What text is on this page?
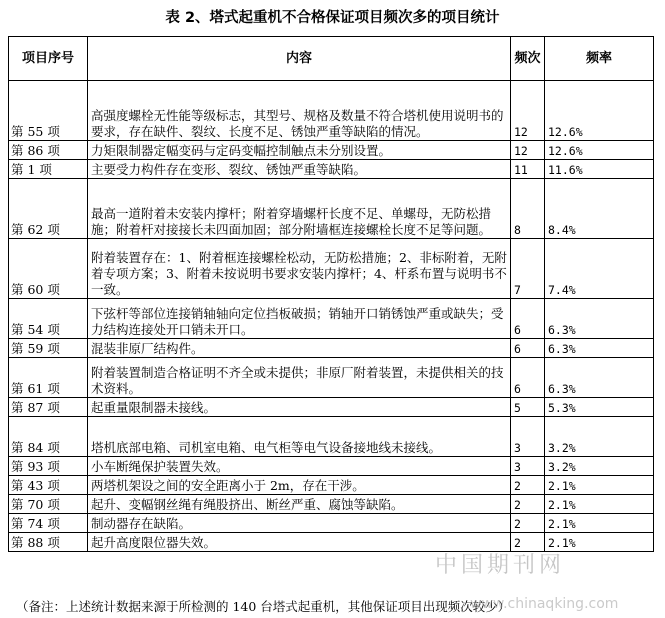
表 2、塔式起重机不合格保证项目频次多的项目统计
项目序号	内容	频次	频率
第 55 项	高强度螺栓无性能等级标志，其型号、规格及数量不符合塔机使用说明书的要求，存在缺件、裂纹、长度不足、锈蚀严重等缺陷的情况。	12	12.6%
第 86 项	力矩限制器定幅变码与定码变幅控制触点未分别设置。	12	12.6%
第 1 项	主要受力构件存在变形、裂纹、锈蚀严重等缺陷。	11	11.6%
第 62 项	最高一道附着未安装内撑杆；附着穿墙螺杆长度不足、单螺母，无防松措施；附着杆对接接长未四面加固；部分附墙框连接螺栓长度不足等问题。	8	8.4%
第 60 项	附着装置存在：1、附着框连接螺栓松动，无防松措施；2、非标附着，无附着专项方案；3、附着未按说明书要求安装内撑杆；4、杆系布置与说明书不一致。	7	7.4%
第 54 项	下弦杆等部位连接销轴轴向定位挡板破损；销轴开口销锈蚀严重或缺失；受力结构连接处开口销未开口。	6	6.3%
第 59 项	混装非原厂结构件。	6	6.3%
第 61 项	附着装置制造合格证明不齐全或未提供；非原厂附着装置，未提供相关的技术资料。	6	6.3%
第 87 项	起重量限制器未接线。	5	5.3%
第 84 项	塔机底部电箱、司机室电箱、电气柜等电气设备接地线未接线。	3	3.2%
第 93 项	小车断绳保护装置失效。	3	3.2%
第 43 项	两塔机架设之间的安全距离小于 2m，存在干涉。	2	2.1%
第 70 项	起升、变幅钢丝绳有绳股挤出、断丝严重、腐蚀等缺陷。	2	2.1%
第 74 项	制动器存在缺陷。	2	2.1%
第 88 项	起升高度限位器失效。	2	2.1%
（备注：上述统计数据来源于所检测的 140 台塔式起重机，其他保证项目出现频次较少）
中国期刊网
www.chinaqking.com
